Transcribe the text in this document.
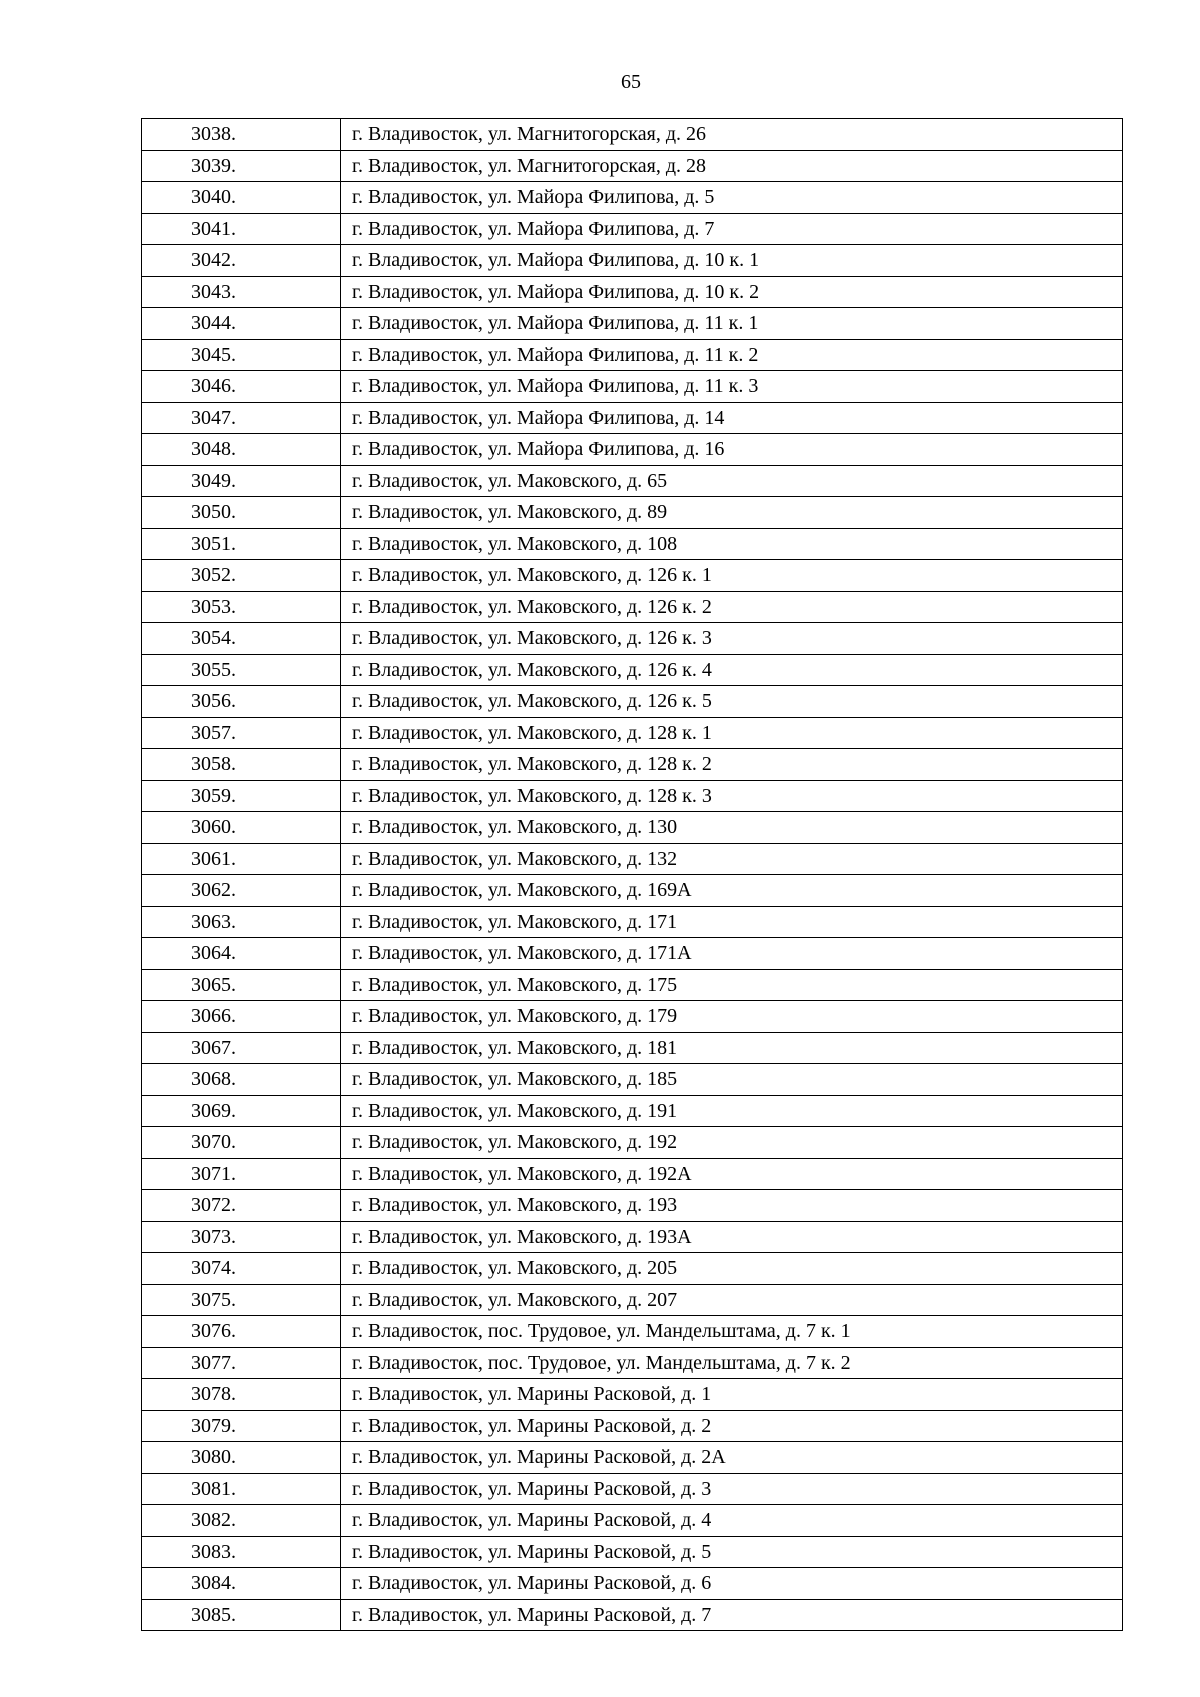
65
3038.	г. Владивосток, ул. Магнитогорская, д. 26
3039.	г. Владивосток, ул. Магнитогорская, д. 28
3040.	г. Владивосток, ул. Майора Филипова, д. 5
3041.	г. Владивосток, ул. Майора Филипова, д. 7
3042.	г. Владивосток, ул. Майора Филипова, д. 10 к. 1
3043.	г. Владивосток, ул. Майора Филипова, д. 10 к. 2
3044.	г. Владивосток, ул. Майора Филипова, д. 11 к. 1
3045.	г. Владивосток, ул. Майора Филипова, д. 11 к. 2
3046.	г. Владивосток, ул. Майора Филипова, д. 11 к. 3
3047.	г. Владивосток, ул. Майора Филипова, д. 14
3048.	г. Владивосток, ул. Майора Филипова, д. 16
3049.	г. Владивосток, ул. Маковского, д. 65
3050.	г. Владивосток, ул. Маковского, д. 89
3051.	г. Владивосток, ул. Маковского, д. 108
3052.	г. Владивосток, ул. Маковского, д. 126 к. 1
3053.	г. Владивосток, ул. Маковского, д. 126 к. 2
3054.	г. Владивосток, ул. Маковского, д. 126 к. 3
3055.	г. Владивосток, ул. Маковского, д. 126 к. 4
3056.	г. Владивосток, ул. Маковского, д. 126 к. 5
3057.	г. Владивосток, ул. Маковского, д. 128 к. 1
3058.	г. Владивосток, ул. Маковского, д. 128 к. 2
3059.	г. Владивосток, ул. Маковского, д. 128 к. 3
3060.	г. Владивосток, ул. Маковского, д. 130
3061.	г. Владивосток, ул. Маковского, д. 132
3062.	г. Владивосток, ул. Маковского, д. 169А
3063.	г. Владивосток, ул. Маковского, д. 171
3064.	г. Владивосток, ул. Маковского, д. 171А
3065.	г. Владивосток, ул. Маковского, д. 175
3066.	г. Владивосток, ул. Маковского, д. 179
3067.	г. Владивосток, ул. Маковского, д. 181
3068.	г. Владивосток, ул. Маковского, д. 185
3069.	г. Владивосток, ул. Маковского, д. 191
3070.	г. Владивосток, ул. Маковского, д. 192
3071.	г. Владивосток, ул. Маковского, д. 192А
3072.	г. Владивосток, ул. Маковского, д. 193
3073.	г. Владивосток, ул. Маковского, д. 193А
3074.	г. Владивосток, ул. Маковского, д. 205
3075.	г. Владивосток, ул. Маковского, д. 207
3076.	г. Владивосток, пос. Трудовое, ул. Мандельштама, д. 7 к. 1
3077.	г. Владивосток, пос. Трудовое, ул. Мандельштама, д. 7 к. 2
3078.	г. Владивосток, ул. Марины Расковой, д. 1
3079.	г. Владивосток, ул. Марины Расковой, д. 2
3080.	г. Владивосток, ул. Марины Расковой, д. 2А
3081.	г. Владивосток, ул. Марины Расковой, д. 3
3082.	г. Владивосток, ул. Марины Расковой, д. 4
3083.	г. Владивосток, ул. Марины Расковой, д. 5
3084.	г. Владивосток, ул. Марины Расковой, д. 6
3085.	г. Владивосток, ул. Марины Расковой, д. 7
